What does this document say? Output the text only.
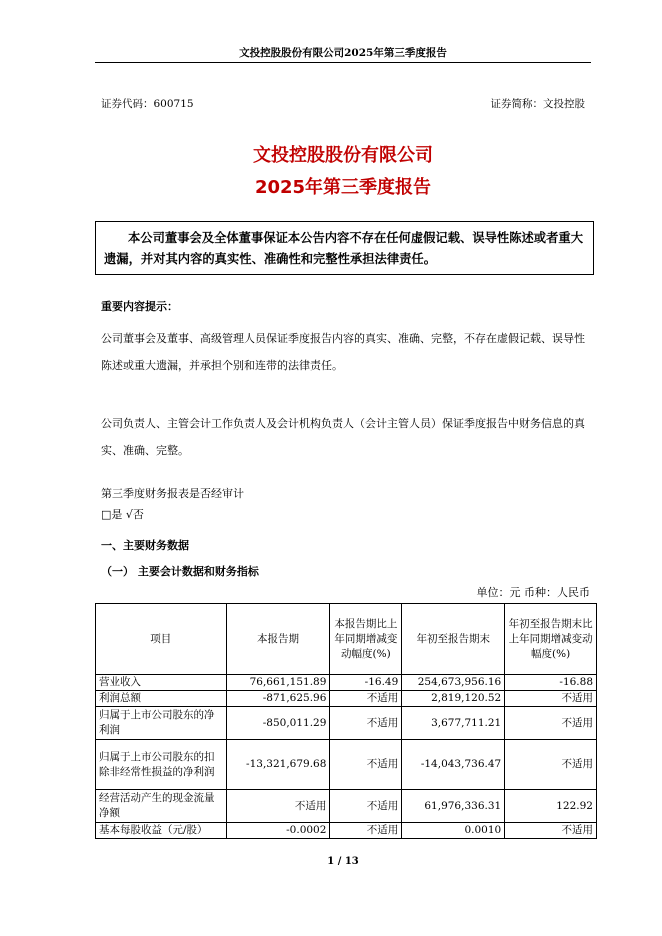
文投控股股份有限公司2025年第三季度报告
证券代码：600715	证券简称：文投控股
文投控股股份有限公司
2025年第三季度报告
本公司董事会及全体董事保证本公告内容不存在任何虚假记载、误导性陈述或者重大遗漏，并对其内容的真实性、准确性和完整性承担法律责任。
重要内容提示：
公司董事会及董事、高级管理人员保证季度报告内容的真实、准确、完整，不存在虚假记载、误导性陈述或重大遗漏，并承担个别和连带的法律责任。
公司负责人、主管会计工作负责人及会计机构负责人（会计主管人员）保证季度报告中财务信息的真实、准确、完整。
第三季度财务报表是否经审计
□是 √否
一、主要财务数据
（一） 主要会计数据和财务指标
单位：元 币种：人民币
项目	本报告期	本报告期比上年同期增减变动幅度(%)	年初至报告期末	年初至报告期末比上年同期增减变动幅度(%)
营业收入	76,661,151.89	-16.49	254,673,956.16	-16.88
利润总额	-871,625.96	不适用	2,819,120.52	不适用
归属于上市公司股东的净利润	-850,011.29	不适用	3,677,711.21	不适用
归属于上市公司股东的扣除非经常性损益的净利润	-13,321,679.68	不适用	-14,043,736.47	不适用
经营活动产生的现金流量净额	不适用	不适用	61,976,336.31	122.92
基本每股收益（元/股）	-0.0002	不适用	0.0010	不适用
1 / 13
